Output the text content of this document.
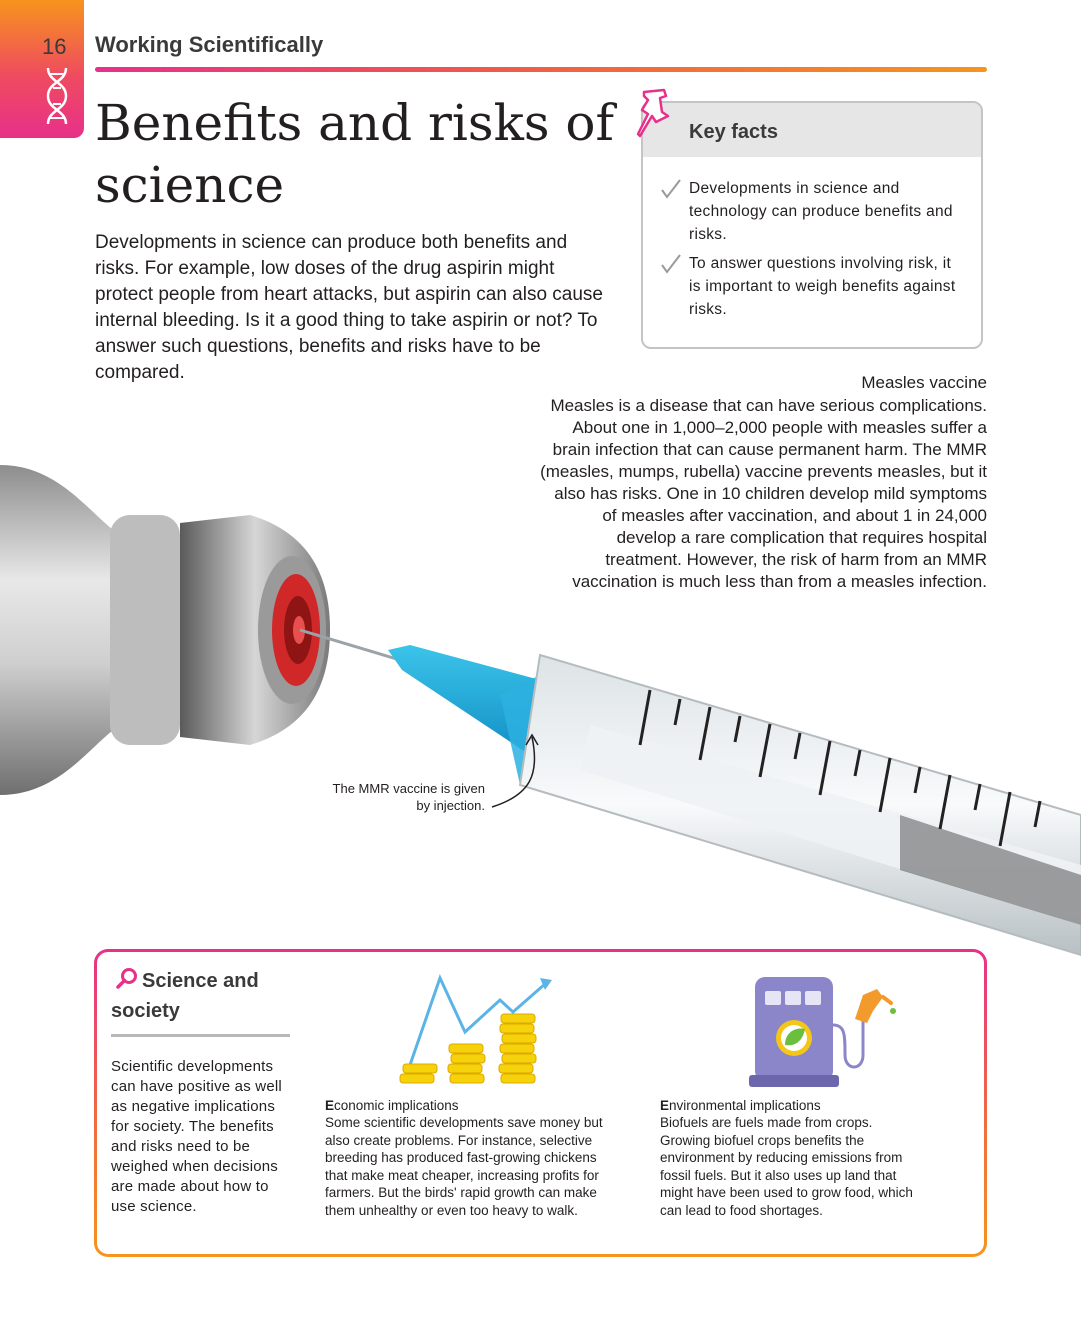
16 Working Scientifically
Benefits and risks of science

Developments in science can produce both benefits and risks. For example, low doses of the drug aspirin might protect people from heart attacks, but aspirin can also cause internal bleeding. Is it a good thing to take aspirin or not? To answer such questions, benefits and risks have to be compared.

Key facts
Developments in science and technology can produce benefits and risks.
To answer questions involving risk, it is important to weigh benefits against risks.
Measles vaccine

Measles is a disease that can have serious complications. About one in 1,000–2,000 people with measles suffer a brain infection that can cause permanent harm. The MMR (measles, mumps, rubella) vaccine prevents measles, but it also has risks. One in 10 children develop mild symptoms of measles after vaccination, and about 1 in 24,000 develop a rare complication that requires hospital treatment. However, the risk of harm from an MMR vaccination is much less than from a measles infection.

The MMR vaccine is given by injection.
Science and society

Scientific developments can have positive as well as negative implications for society. The benefits and risks need to be weighed when decisions are made about how to use science.

Economic implications

Some scientific developments save money but also create problems. For instance, selective breeding has produced fast-growing chickens that make meat cheaper, increasing profits for farmers. But the birds' rapid growth can make them unhealthy or even too heavy to walk.

Environmental implications

Biofuels are fuels made from crops. Growing biofuel crops benefits the environment by reducing emissions from fossil fuels. But it also uses up land that might have been used to grow food, which can lead to food shortages.
